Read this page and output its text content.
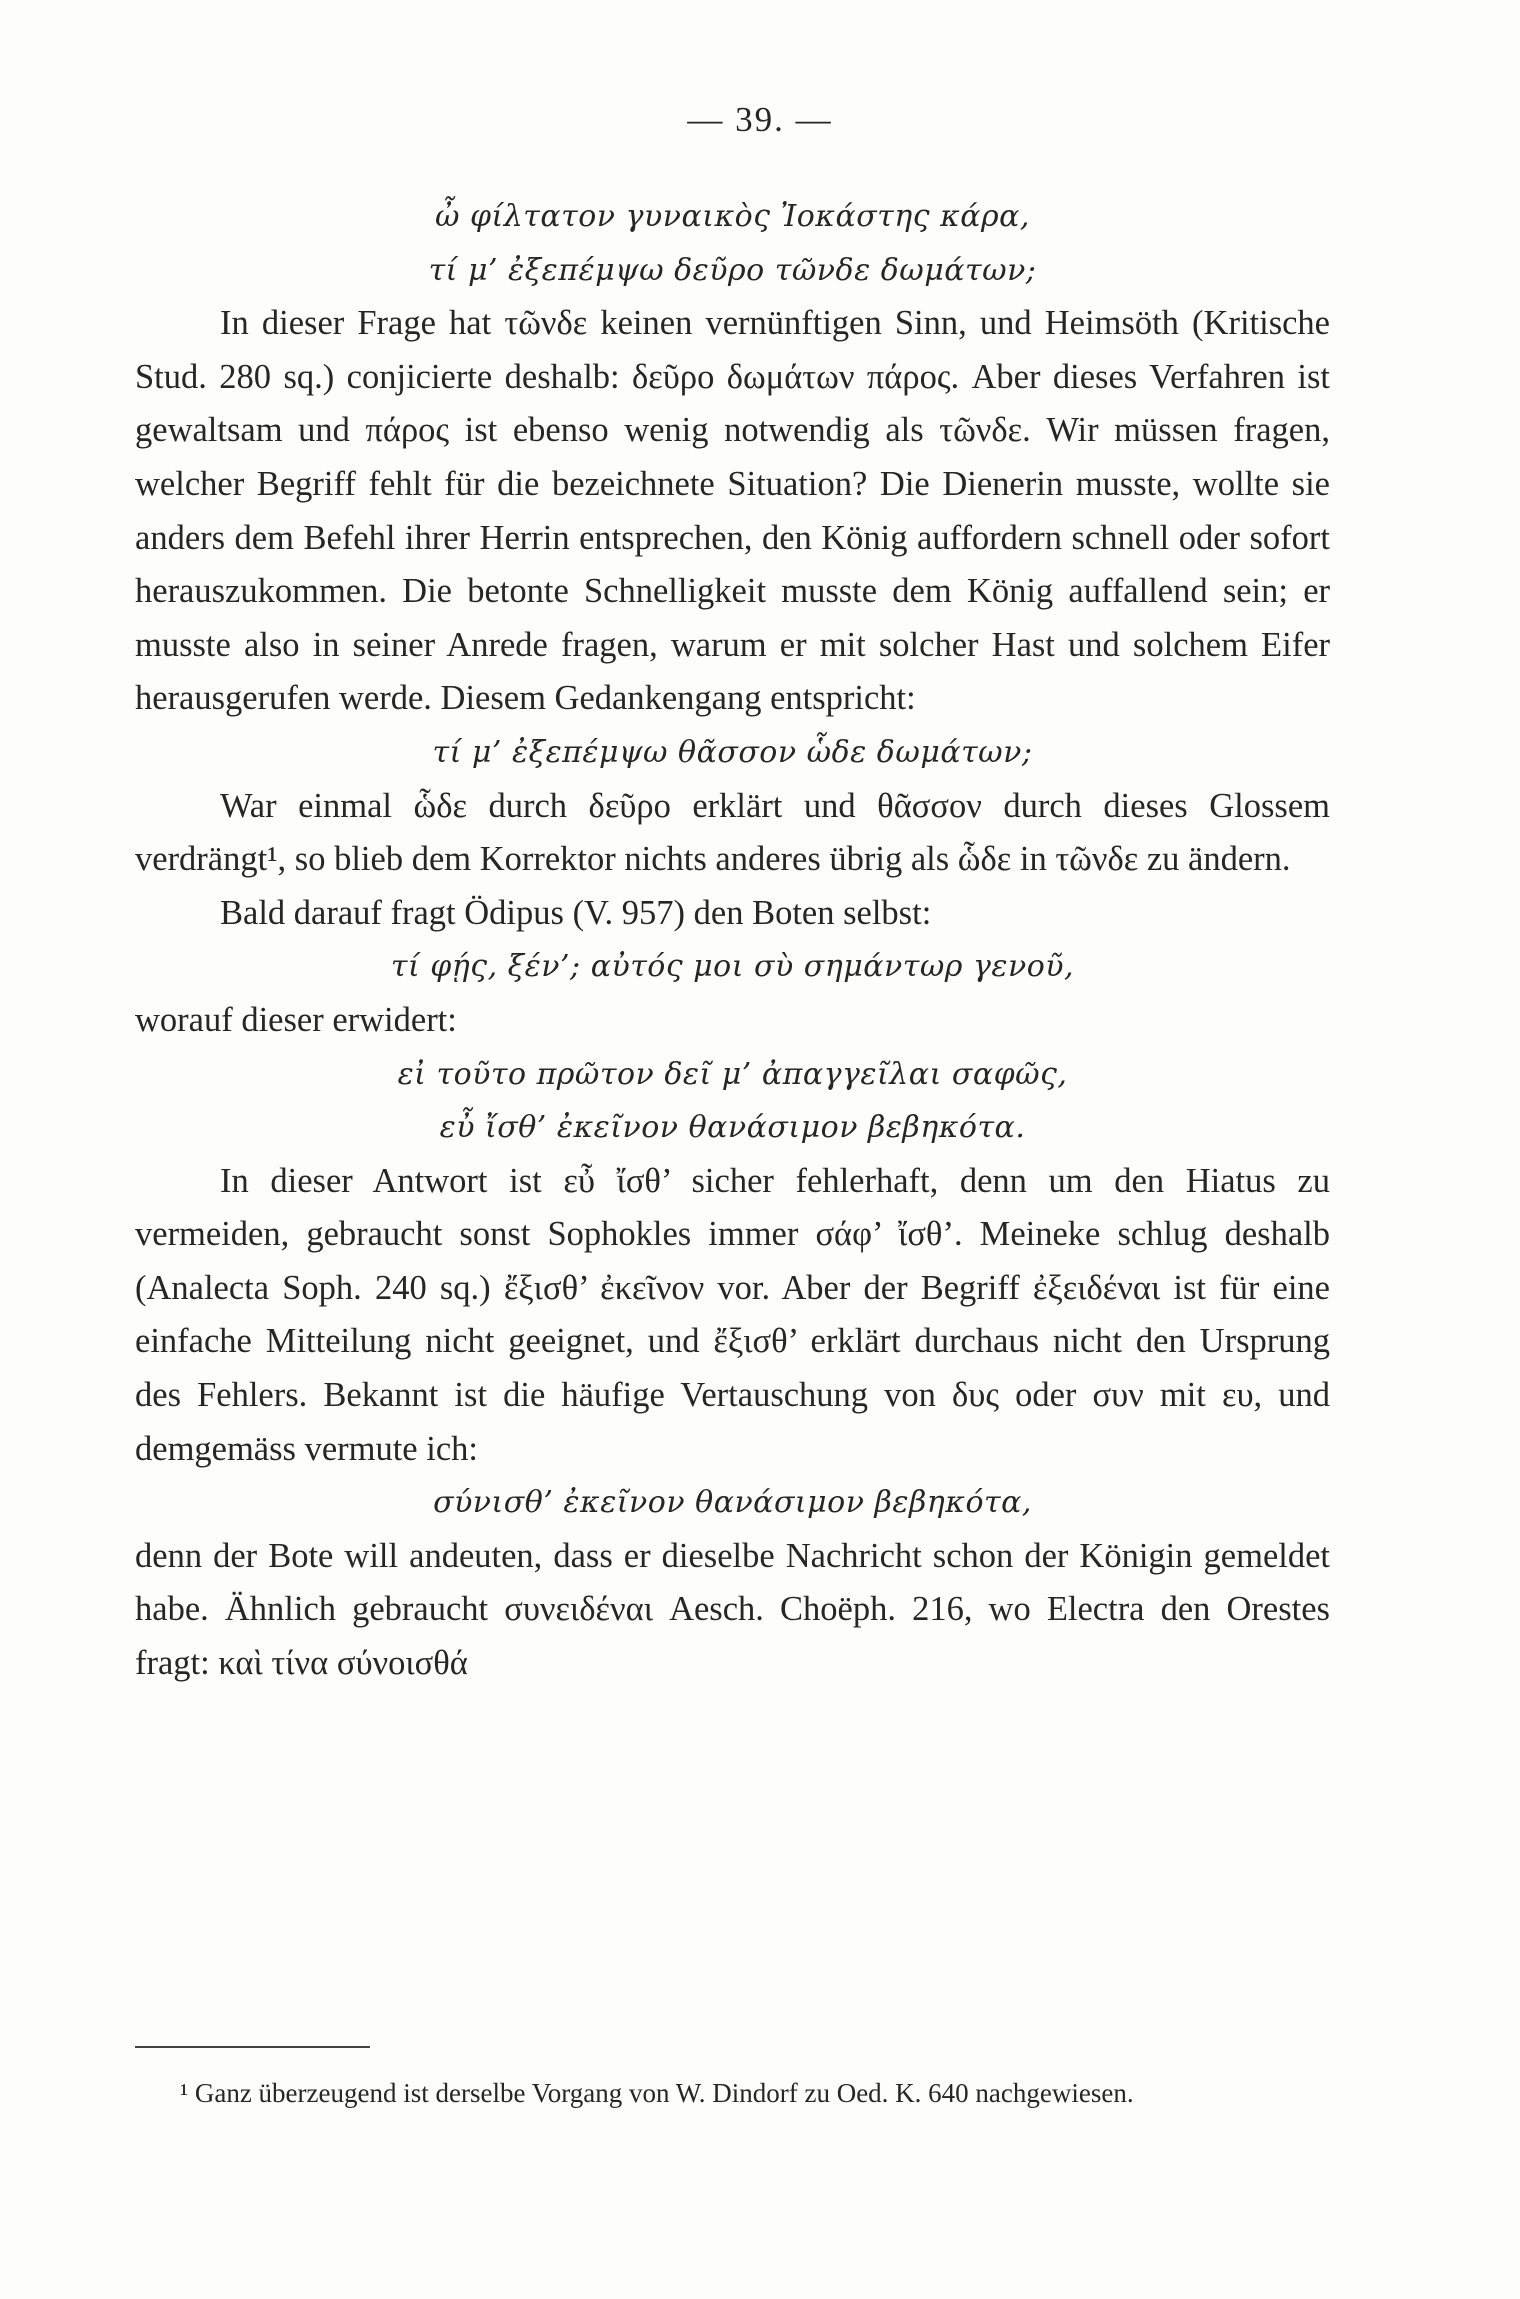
— 39. —
ὦ φίλτατον γυναικὸς Ἰοκάστης κάρα,
τί μ’ ἐξεπέμψω δεῦρο τῶνδε δωμάτων;

In dieser Frage hat τῶνδε keinen vernünftigen Sinn, und Heimsöth (Kritische Stud. 280 sq.) conjicierte deshalb: δεῦρο δωμάτων πάρος. Aber dieses Verfahren ist gewaltsam und πάρος ist ebenso wenig notwendig als τῶνδε. Wir müssen fragen, welcher Begriff fehlt für die bezeichnete Situation? Die Dienerin musste, wollte sie anders dem Befehl ihrer Herrin entsprechen, den König auffordern schnell oder sofort herauszukommen. Die betonte Schnelligkeit musste dem König auffallend sein; er musste also in seiner Anrede fragen, warum er mit solcher Hast und solchem Eifer herausgerufen werde. Diesem Gedankengang entspricht:

τί μ’ ἐξεπέμψω θᾶσσον ὧδε δωμάτων;

War einmal ὧδε durch δεῦρο erklärt und θᾶσσον durch dieses Glossem verdrängt¹, so blieb dem Korrektor nichts anderes übrig als ὧδε in τῶνδε zu ändern.

Bald darauf fragt Ödipus (V. 957) den Boten selbst:

τί φῄς, ξέν’; αὐτός μοι σὺ σημάντωρ γενοῦ,

worauf dieser erwidert:

εἰ τοῦτο πρῶτον δεῖ μ’ ἀπαγγεῖλαι σαφῶς,
εὖ ἴσθ’ ἐκεῖνον θανάσιμον βεβηκότα.

In dieser Antwort ist εὖ ἴσθ’ sicher fehlerhaft, denn um den Hiatus zu vermeiden, gebraucht sonst Sophokles immer σάφ’ ἴσθ’. Meineke schlug deshalb (Analecta Soph. 240 sq.) ἔξισθ’ ἐκεῖνον vor. Aber der Begriff ἐξειδέναι ist für eine einfache Mitteilung nicht geeignet, und ἔξισθ’ erklärt durchaus nicht den Ursprung des Fehlers. Bekannt ist die häufige Vertauschung von δυς oder συν mit ευ, und demgemäss vermute ich:

σύνισθ’ ἐκεῖνον θανάσιμον βεβηκότα,

denn der Bote will andeuten, dass er dieselbe Nachricht schon der Königin gemeldet habe. Ähnlich gebraucht συνειδέναι Aesch. Choëph. 216, wo Electra den Orestes fragt: καὶ τίνα σύνοισθά

¹ Ganz überzeugend ist derselbe Vorgang von W. Dindorf zu Oed. K. 640 nachgewiesen.
